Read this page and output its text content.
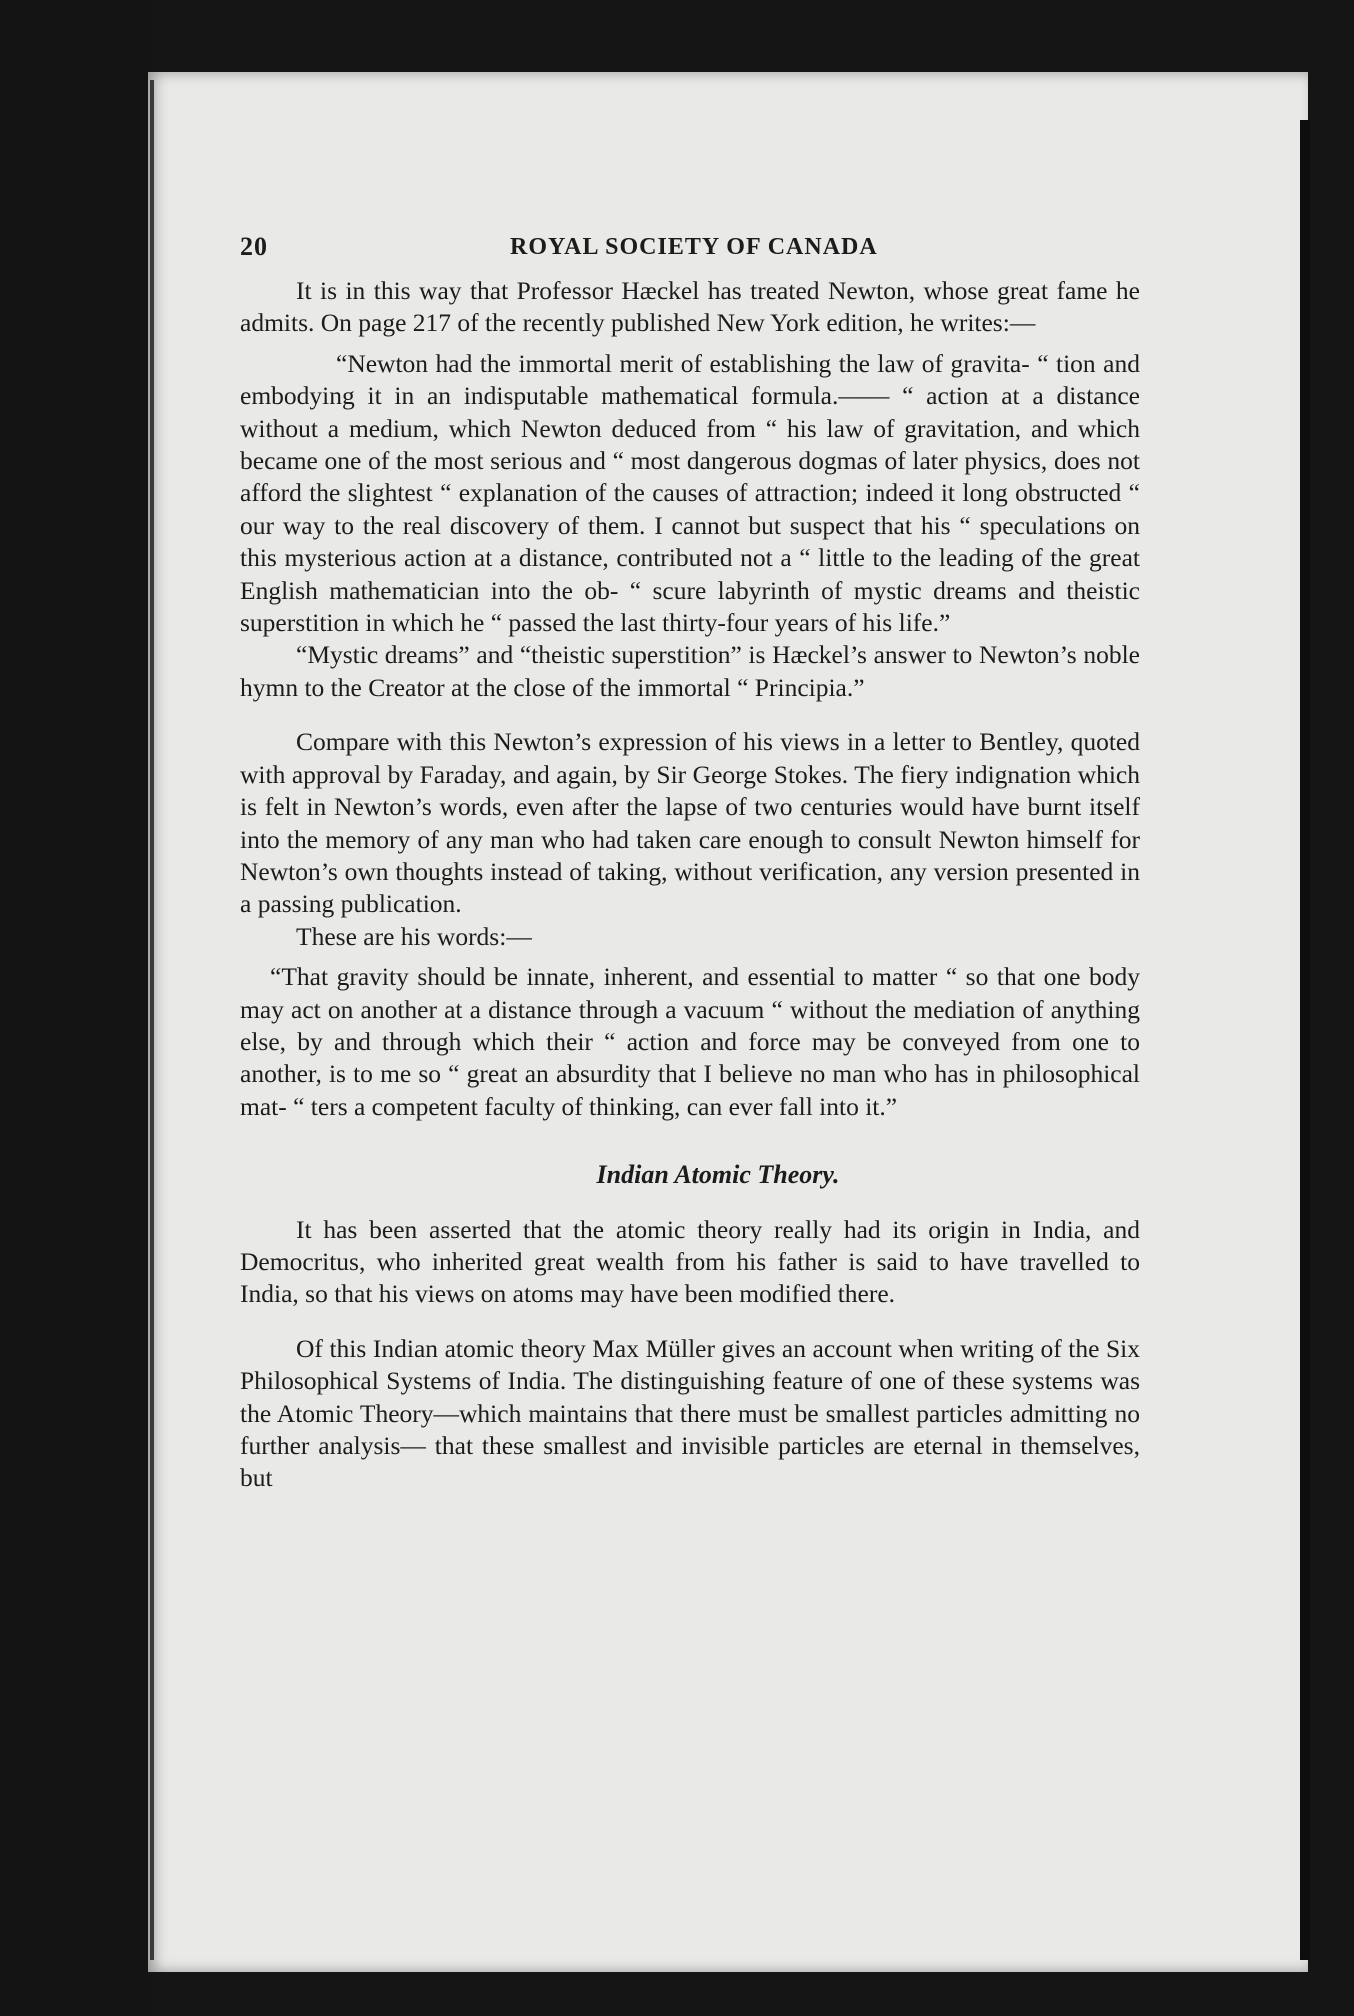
20	ROYAL SOCIETY OF CANADA

It is in this way that Professor Hæckel has treated Newton, whose great fame he admits. On page 217 of the recently published New York edition, he writes:—

“Newton had the immortal merit of establishing the law of gravita- “ tion and embodying it in an indisputable mathematical formula.—— “ action at a distance without a medium, which Newton deduced from “ his law of gravitation, and which became one of the most serious and “ most dangerous dogmas of later physics, does not afford the slightest “ explanation of the causes of attraction; indeed it long obstructed “ our way to the real discovery of them. I cannot but suspect that his “ speculations on this mysterious action at a distance, contributed not a “ little to the leading of the great English mathematician into the ob- “ scure labyrinth of mystic dreams and theistic superstition in which he “ passed the last thirty-four years of his life.”

“Mystic dreams” and “theistic superstition” is Hæckel’s answer to Newton’s noble hymn to the Creator at the close of the immortal “ Principia.”

Compare with this Newton’s expression of his views in a letter to Bentley, quoted with approval by Faraday, and again, by Sir George Stokes. The fiery indignation which is felt in Newton’s words, even after the lapse of two centuries would have burnt itself into the memory of any man who had taken care enough to consult Newton himself for Newton’s own thoughts instead of taking, without verification, any version presented in a passing publication.

These are his words:—

“That gravity should be innate, inherent, and essential to matter “ so that one body may act on another at a distance through a vacuum “ without the mediation of anything else, by and through which their “ action and force may be conveyed from one to another, is to me so “ great an absurdity that I believe no man who has in philosophical mat- “ ters a competent faculty of thinking, can ever fall into it.”

Indian Atomic Theory.

It has been asserted that the atomic theory really had its origin in India, and Democritus, who inherited great wealth from his father is said to have travelled to India, so that his views on atoms may have been modified there.

Of this Indian atomic theory Max Müller gives an account when writing of the Six Philosophical Systems of India. The distinguishing feature of one of these systems was the Atomic Theory—which maintains that there must be smallest particles admitting no further analysis— that these smallest and invisible particles are eternal in themselves, but
